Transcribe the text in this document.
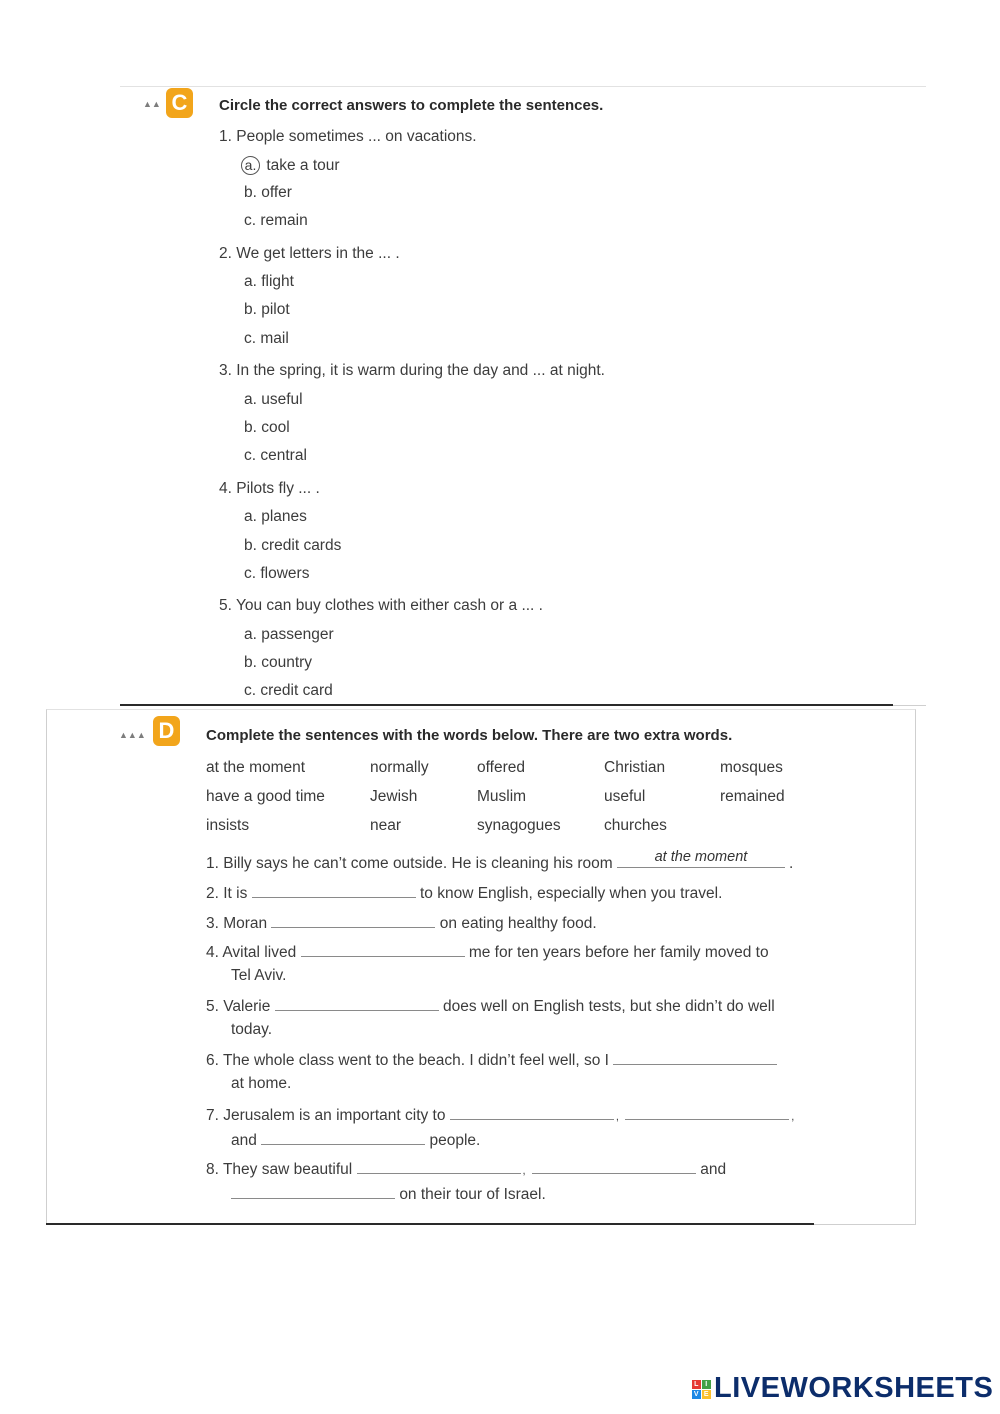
▲▲ C	Circle the correct answers to complete the sentences.
1. People sometimes ... on vacations.
a. take a tour
b. offer
c. remain
2. We get letters in the ... .
a. flight
b. pilot
c. mail
3. In the spring, it is warm during the day and ... at night.
a. useful
b. cool
c. central
4. Pilots fly ... .
a. planes
b. credit cards
c. flowers
5. You can buy clothes with either cash or a ... .
a. passenger
b. country
c. credit card
▲▲▲ D	Complete the sentences with the words below. There are two extra words.
at the moment	normally	offered	Christian	mosques
have a good time	Jewish	Muslim	useful	remained
insists	near	synagogues	churches
1. Billy says he can’t come outside. He is cleaning his room	at the moment	.
2. It is	to know English, especially when you travel.
3. Moran	on eating healthy food.
4. Avital lived	me for ten years before her family moved to
Tel Aviv.
5. Valerie	does well on English tests, but she didn’t do well
today.
6. The whole class went to the beach. I didn’t feel well, so I
at home.
7. Jerusalem is an important city to	,	,
and	people.
8. They saw beautiful	,	and
on their tour of Israel.
L I
V E LIVEWORKSHEETS
